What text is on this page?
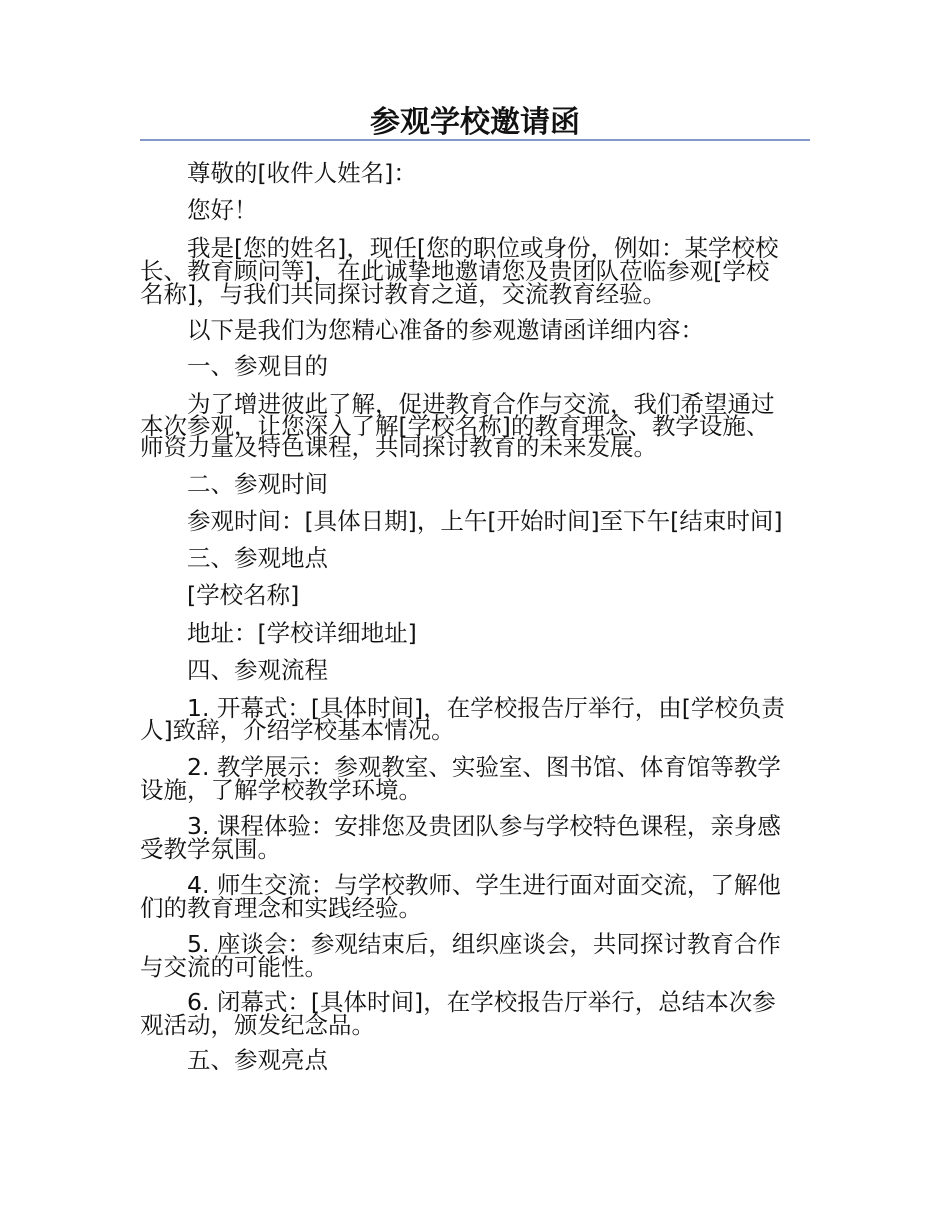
参观学校邀请函
尊敬的[收件人姓名]：
您好！
我是[您的姓名]，现任[您的职位或身份，例如：某学校校
长、教育顾问等]，在此诚挚地邀请您及贵团队莅临参观[学校
名称]，与我们共同探讨教育之道，交流教育经验。
以下是我们为您精心准备的参观邀请函详细内容：
一、参观目的
为了增进彼此了解，促进教育合作与交流，我们希望通过
本次参观，让您深入了解[学校名称]的教育理念、教学设施、
师资力量及特色课程，共同探讨教育的未来发展。
二、参观时间
参观时间：[具体日期]，上午[开始时间]至下午[结束时间]
三、参观地点
[学校名称]
地址：[学校详细地址]
四、参观流程
1. 开幕式：[具体时间]，在学校报告厅举行，由[学校负责
人]致辞，介绍学校基本情况。
2. 教学展示：参观教室、实验室、图书馆、体育馆等教学
设施，了解学校教学环境。
3. 课程体验：安排您及贵团队参与学校特色课程，亲身感
受教学氛围。
4. 师生交流：与学校教师、学生进行面对面交流，了解他
们的教育理念和实践经验。
5. 座谈会：参观结束后，组织座谈会，共同探讨教育合作
与交流的可能性。
6. 闭幕式：[具体时间]，在学校报告厅举行，总结本次参
观活动，颁发纪念品。
五、参观亮点
